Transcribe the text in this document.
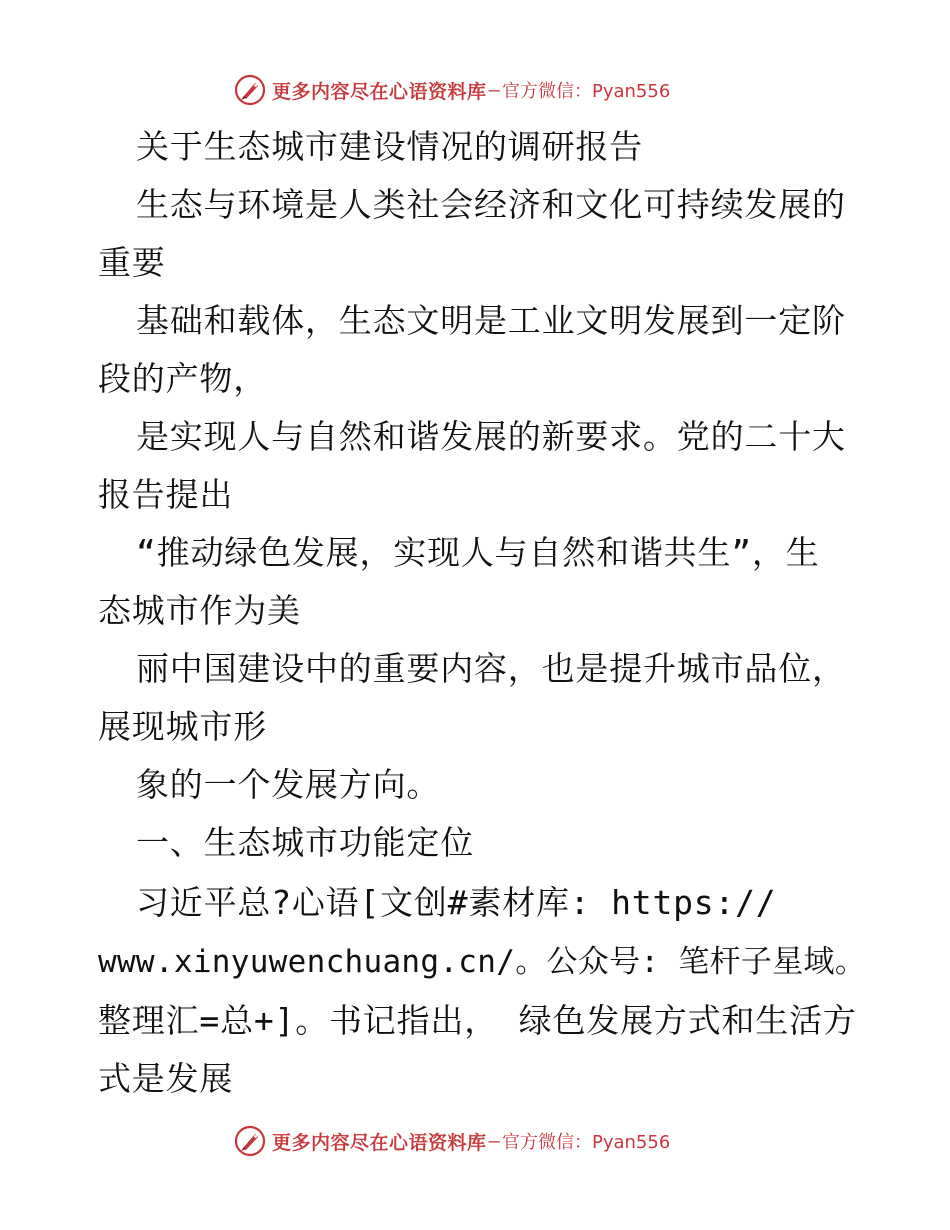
更多内容尽在心语资料库 — 官方微信：Pyan556
关于生态城市建设情况的调研报告
生态与环境是人类社会经济和文化可持续发展的
重要
基础和载体，生态文明是工业文明发展到一定阶
段的产物，
是实现人与自然和谐发展的新要求。党的二十大
报告提出
“推动绿色发展，实现人与自然和谐共生”，生
态城市作为美
丽中国建设中的重要内容，也是提升城市品位，
展现城市形
象的一个发展方向。
一、生态城市功能定位
习近平总?心语[文创#素材库: https://
www.xinyuwenchuang.cn/。公众号: 笔杆子星域。
整理汇=总+]。书记指出， 绿色发展方式和生活方
式是发展
更多内容尽在心语资料库 — 官方微信：Pyan556
